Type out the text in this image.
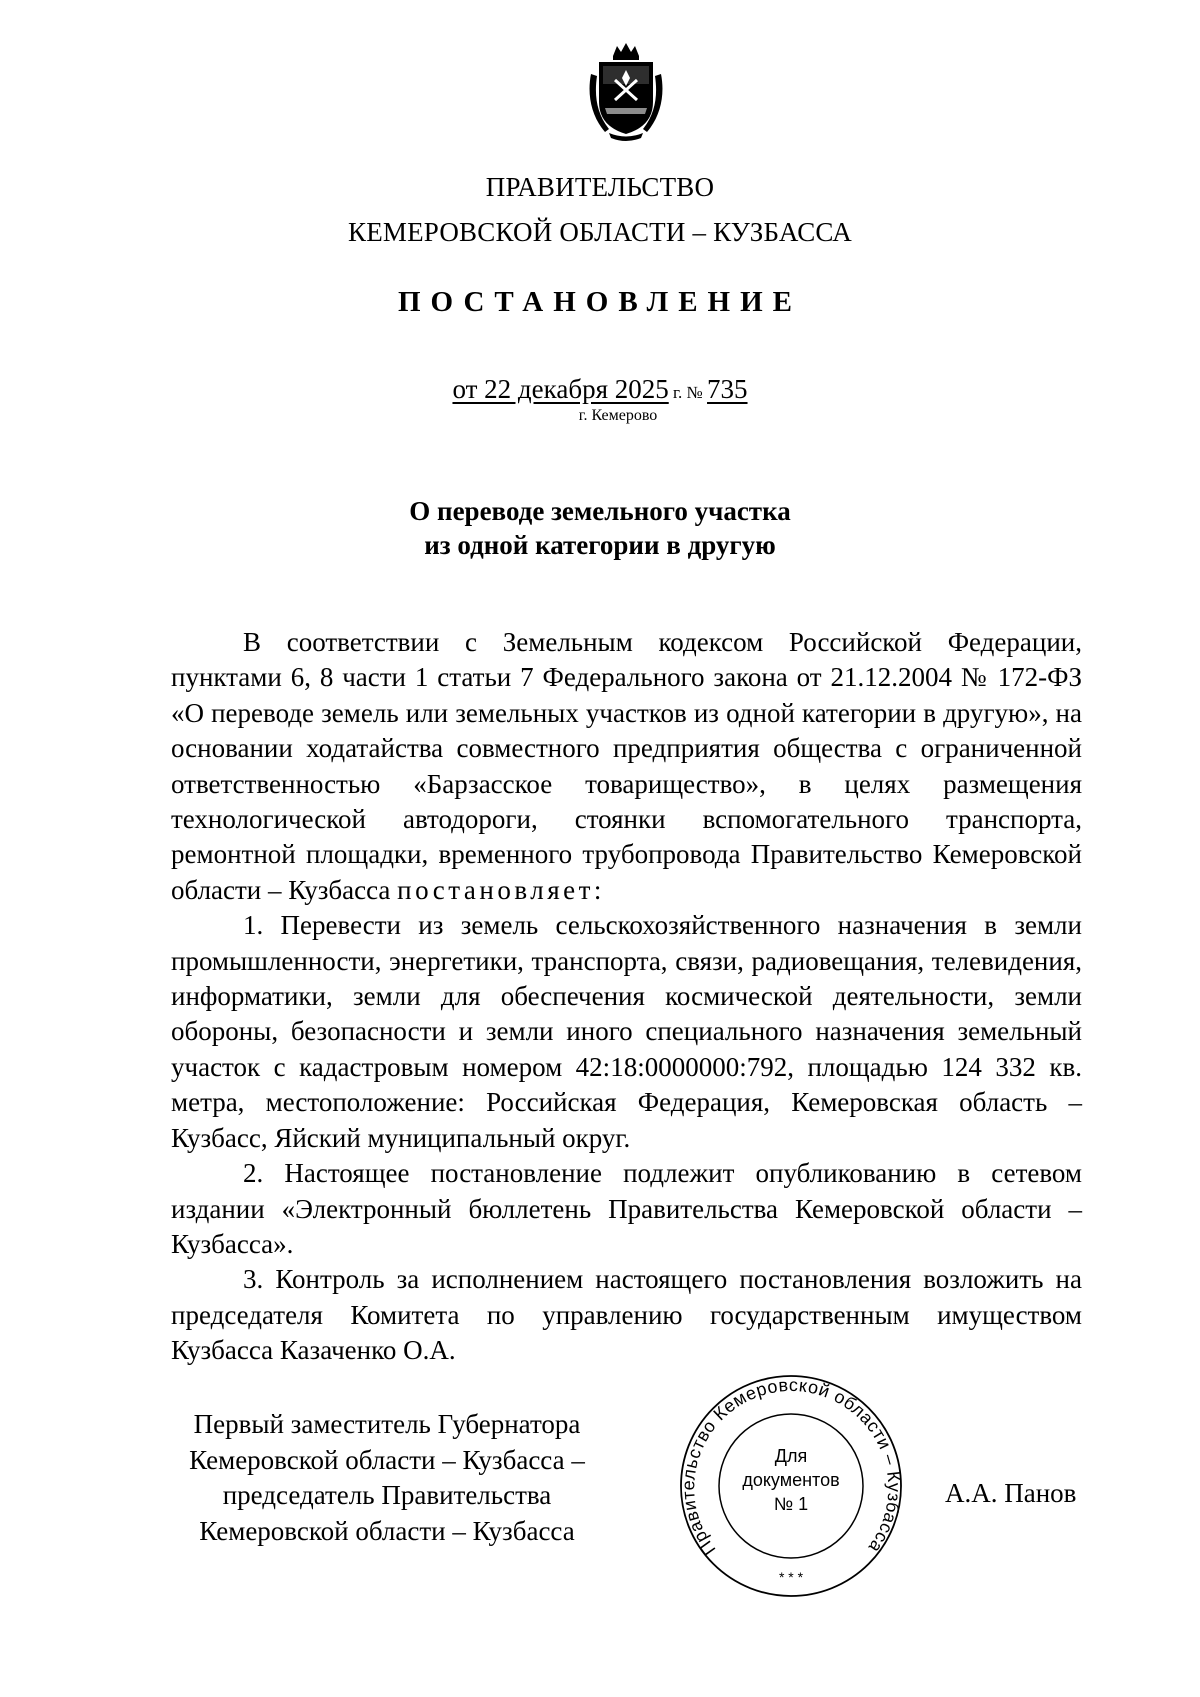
ПРАВИТЕЛЬСТВО
КЕМЕРОВСКОЙ ОБЛАСТИ – КУЗБАССА
ПОСТАНОВЛЕНИЕ
от 22 декабря 2025 г. № 735
г. Кемерово
О переводе земельного участка
из одной категории в другую

В соответствии с Земельным кодексом Российской Федерации, пунктами 6, 8 части 1 статьи 7 Федерального закона от 21.12.2004 № 172-ФЗ «О переводе земель или земельных участков из одной категории в другую», на основании ходатайства совместного предприятия общества с ограниченной ответственностью «Барзасское товарищество», в целях размещения технологической автодороги, стоянки вспомогательного транспорта, ремонтной площадки, временного трубопровода Правительство Кемеровской области – Кузбасса постановляет:

1. Перевести из земель сельскохозяйственного назначения в земли промышленности, энергетики, транспорта, связи, радиовещания, телевидения, информатики, земли для обеспечения космической деятельности, земли обороны, безопасности и земли иного специального назначения земельный участок с кадастровым номером 42:18:0000000:792, площадью 124 332 кв. метра, местоположение: Российская Федерация, Кемеровская область – Кузбасс, Яйский муниципальный округ.

2. Настоящее постановление подлежит опубликованию в сетевом издании «Электронный бюллетень Правительства Кемеровской области – Кузбасса».

3. Контроль за исполнением настоящего постановления возложить на председателя Комитета по управлению государственным имуществом Кузбасса Казаченко О.А.

Первый заместитель Губернатора
Кемеровской области – Кузбасса –
председатель Правительства
Кемеровской области – Кузбасса
Правительство Кемеровской области – Кузбасса
Для
документов
№ 1
* * *
А.А. Панов
